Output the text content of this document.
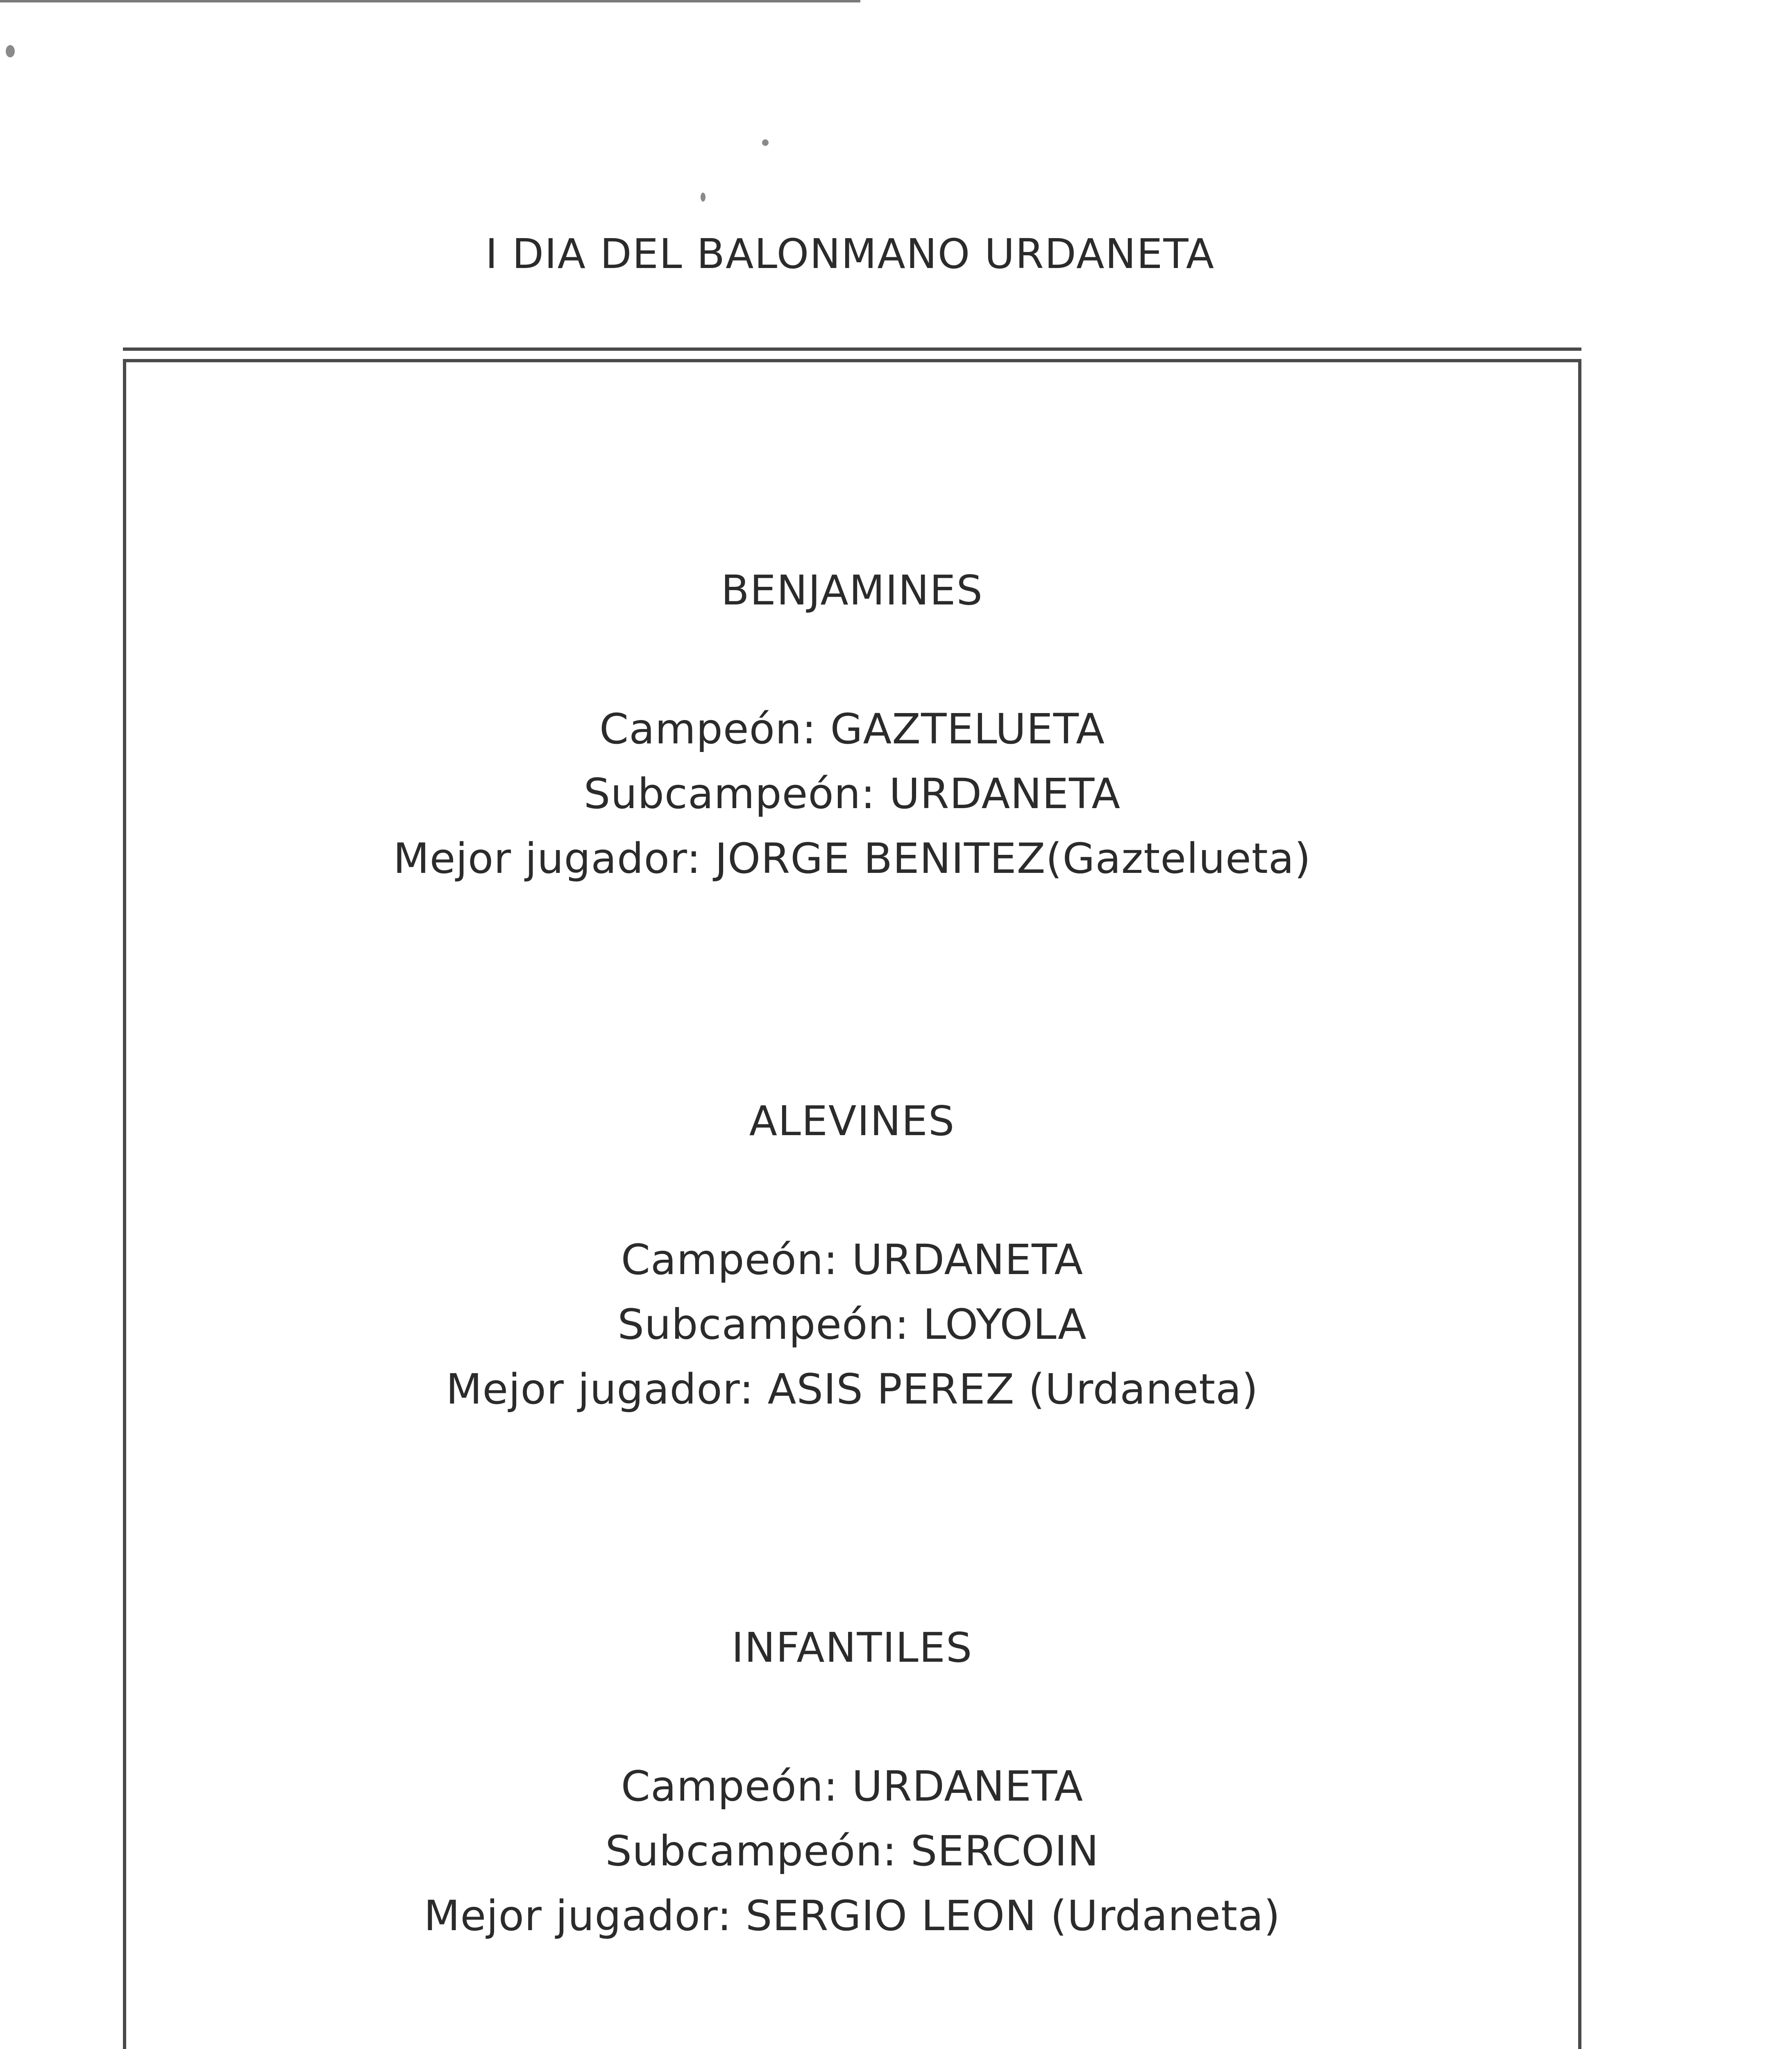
I DIA DEL BALONMANO URDANETA

BENJAMINES

Campeón: GAZTELUETA

Subcampeón: URDANETA

Mejor jugador: JORGE BENITEZ(Gaztelueta)

ALEVINES

Campeón: URDANETA

Subcampeón: LOYOLA

Mejor jugador: ASIS PEREZ (Urdaneta)

INFANTILES

Campeón: URDANETA

Subcampeón: SERCOIN

Mejor jugador: SERGIO LEON (Urdaneta)
